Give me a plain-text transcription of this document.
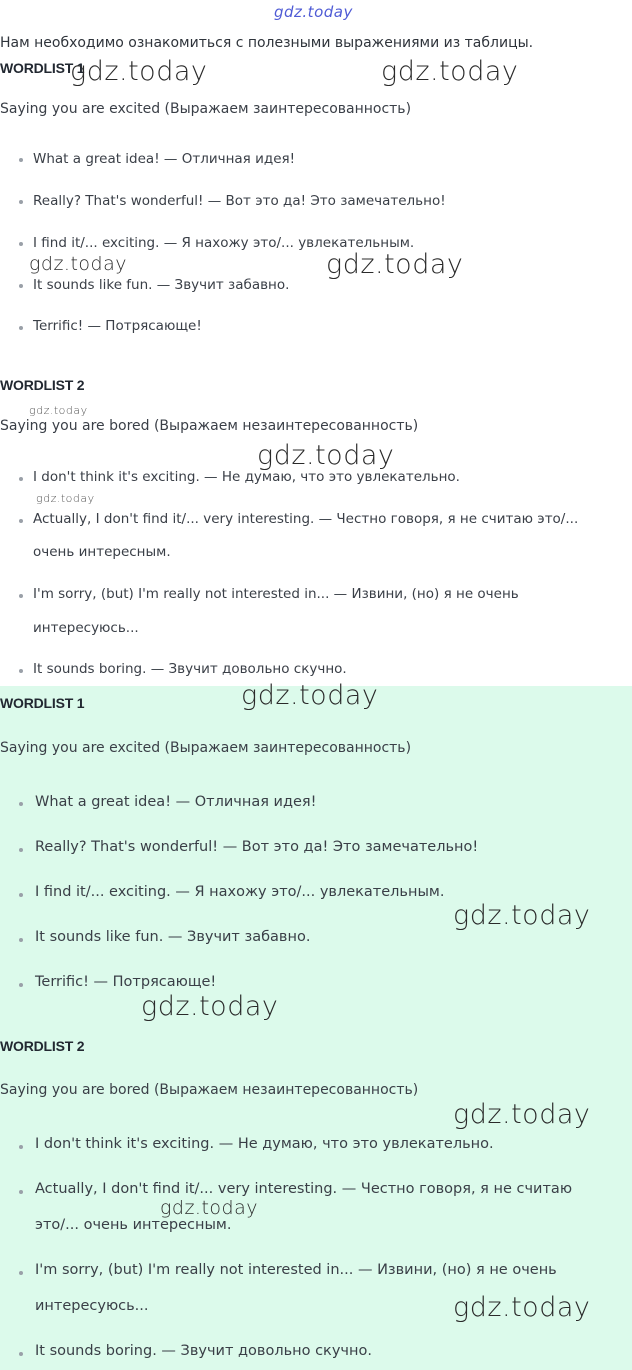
gdz.today
Нам необходимо ознакомиться с полезными выражениями из таблицы.
WORDLIST 1
Saying you are excited (Выражаем заинтересованность)
What a great idea! — Отличная идея!
Really? That's wonderful! — Вот это да! Это замечательно!
I find it/... exciting. — Я нахожу это/... увлекательным.
It sounds like fun. — Звучит забавно.
Terrific! — Потрясающе!
WORDLIST 2
Saying you are bored (Выражаем незаинтересованность)
I don't think it's exciting. — Не думаю, что это увлекательно.
Actually, I don't find it/... very interesting. — Честно говоря, я не считаю это/...
очень интересным.
I'm sorry, (but) I'm really not interested in... — Извини, (но) я не очень
интересуюсь...
It sounds boring. — Звучит довольно скучно.
WORDLIST 1
Saying you are excited (Выражаем заинтересованность)
What a great idea! — Отличная идея!
Really? That's wonderful! — Вот это да! Это замечательно!
I find it/... exciting. — Я нахожу это/... увлекательным.
It sounds like fun. — Звучит забавно.
Terrific! — Потрясающе!
WORDLIST 2
Saying you are bored (Выражаем незаинтересованность)
I don't think it's exciting. — Не думаю, что это увлекательно.
Actually, I don't find it/... very interesting. — Честно говоря, я не считаю
это/... очень интересным.
I'm sorry, (but) I'm really not interested in... — Извини, (но) я не очень
интересуюсь...
It sounds boring. — Звучит довольно скучно.
gdz.today	gdz.today
gdz.today	gdz.today
gdz.today
gdz.today
gdz.today
gdz.today
gdz.today
gdz.today
gdz.today
gdz.today
gdz.today
